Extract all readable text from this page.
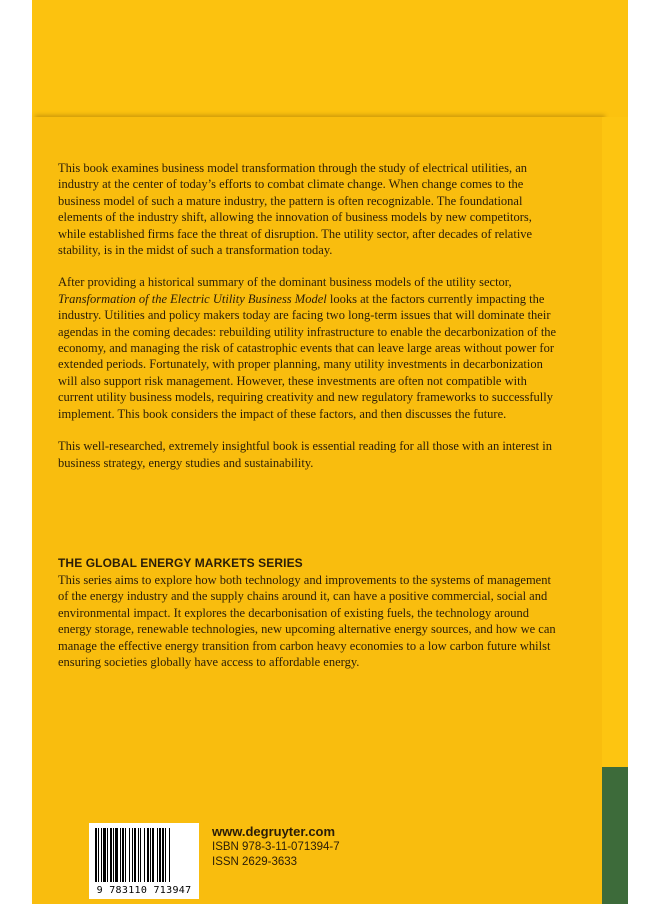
This book examines business model transformation through the study of electrical utilities, an industry at the center of today’s efforts to combat climate change. When change comes to the business model of such a mature industry, the pattern is often recognizable. The foundational elements of the industry shift, allowing the innovation of business models by new competitors, while established firms face the threat of disruption. The utility sector, after decades of relative stability, is in the midst of such a transformation today.

After providing a historical summary of the dominant business models of the utility sector, Transformation of the Electric Utility Business Model looks at the factors currently impacting the industry. Utilities and policy makers today are facing two long-term issues that will dominate their agendas in the coming decades: rebuilding utility infrastructure to enable the decarbonization of the economy, and managing the risk of catastrophic events that can leave large areas without power for extended periods. Fortunately, with proper planning, many utility investments in decarbonization will also support risk management. However, these investments are often not compatible with current utility business models, requiring creativity and new regulatory frameworks to successfully implement. This book considers the impact of these factors, and then discusses the future.

This well-researched, extremely insightful book is essential reading for all those with an interest in business strategy, energy studies and sustainability.

THE GLOBAL ENERGY MARKETS SERIES

This series aims to explore how both technology and improvements to the systems of management of the energy industry and the supply chains around it, can have a positive commercial, social and environmental impact. It explores the decarbonisation of existing fuels, the technology around energy storage, renewable technologies, new upcoming alternative energy sources, and how we can manage the effective energy transition from carbon heavy economies to a low carbon future whilst ensuring societies globally have access to affordable energy.

9 783110 713947
www.degruyter.com
ISBN 978-3-11-071394-7
ISSN 2629-3633
